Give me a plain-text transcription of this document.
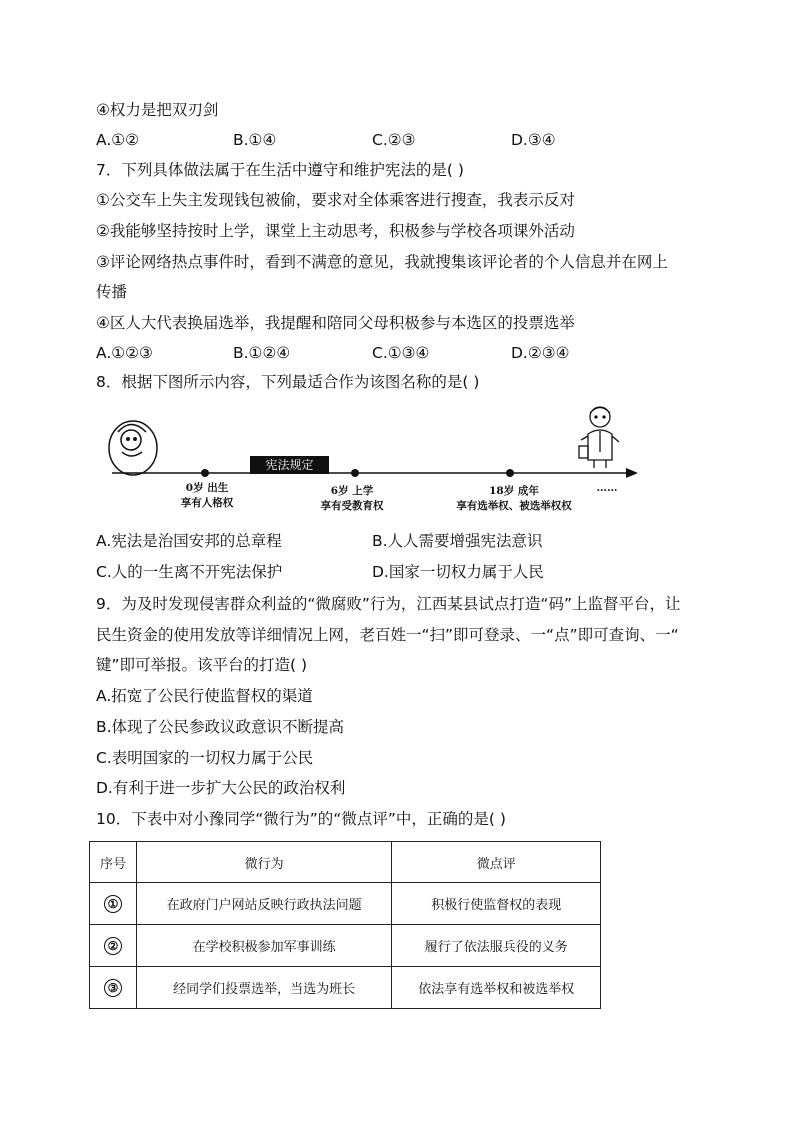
④权力是把双刃剑
A.①②	B.①④	C.②③	D.③④
7．下列具体做法属于在生活中遵守和维护宪法的是( )
①公交车上失主发现钱包被偷，要求对全体乘客进行搜查，我表示反对
②我能够坚持按时上学，课堂上主动思考，积极参与学校各项课外活动
③评论网络热点事件时，看到不满意的意见，我就搜集该评论者的个人信息并在网上
传播
④区人大代表换届选举，我提醒和陪同父母积极参与本选区的投票选举
A.①②③	B.①②④	C.①③④	D.②③④
8．根据下图所示内容，下列最适合作为该图名称的是( )
宪法规定
0岁 出生
享有人格权
6岁 上学
享有受教育权
18岁 成年
享有选举权、被选举权权
……
A.宪法是治国安邦的总章程	B.人人需要增强宪法意识
C.人的一生离不开宪法保护	D.国家一切权力属于人民
9．为及时发现侵害群众利益的“微腐败”行为，江西某县试点打造“码”上监督平台，让
民生资金的使用发放等详细情况上网，老百姓一“扫”即可登录、一“点”即可查询、一“
键”即可举报。该平台的打造( )
A.拓宽了公民行使监督权的渠道
B.体现了公民参政议政意识不断提高
C.表明国家的一切权力属于公民
D.有利于进一步扩大公民的政治权利
10．下表中对小豫同学“微行为”的“微点评”中，正确的是( )
序号	微行为	微点评
①	在政府门户网站反映行政执法问题	积极行使监督权的表现
②	在学校积极参加军事训练	履行了依法服兵役的义务
③	经同学们投票选举，当选为班长	依法享有选举权和被选举权
